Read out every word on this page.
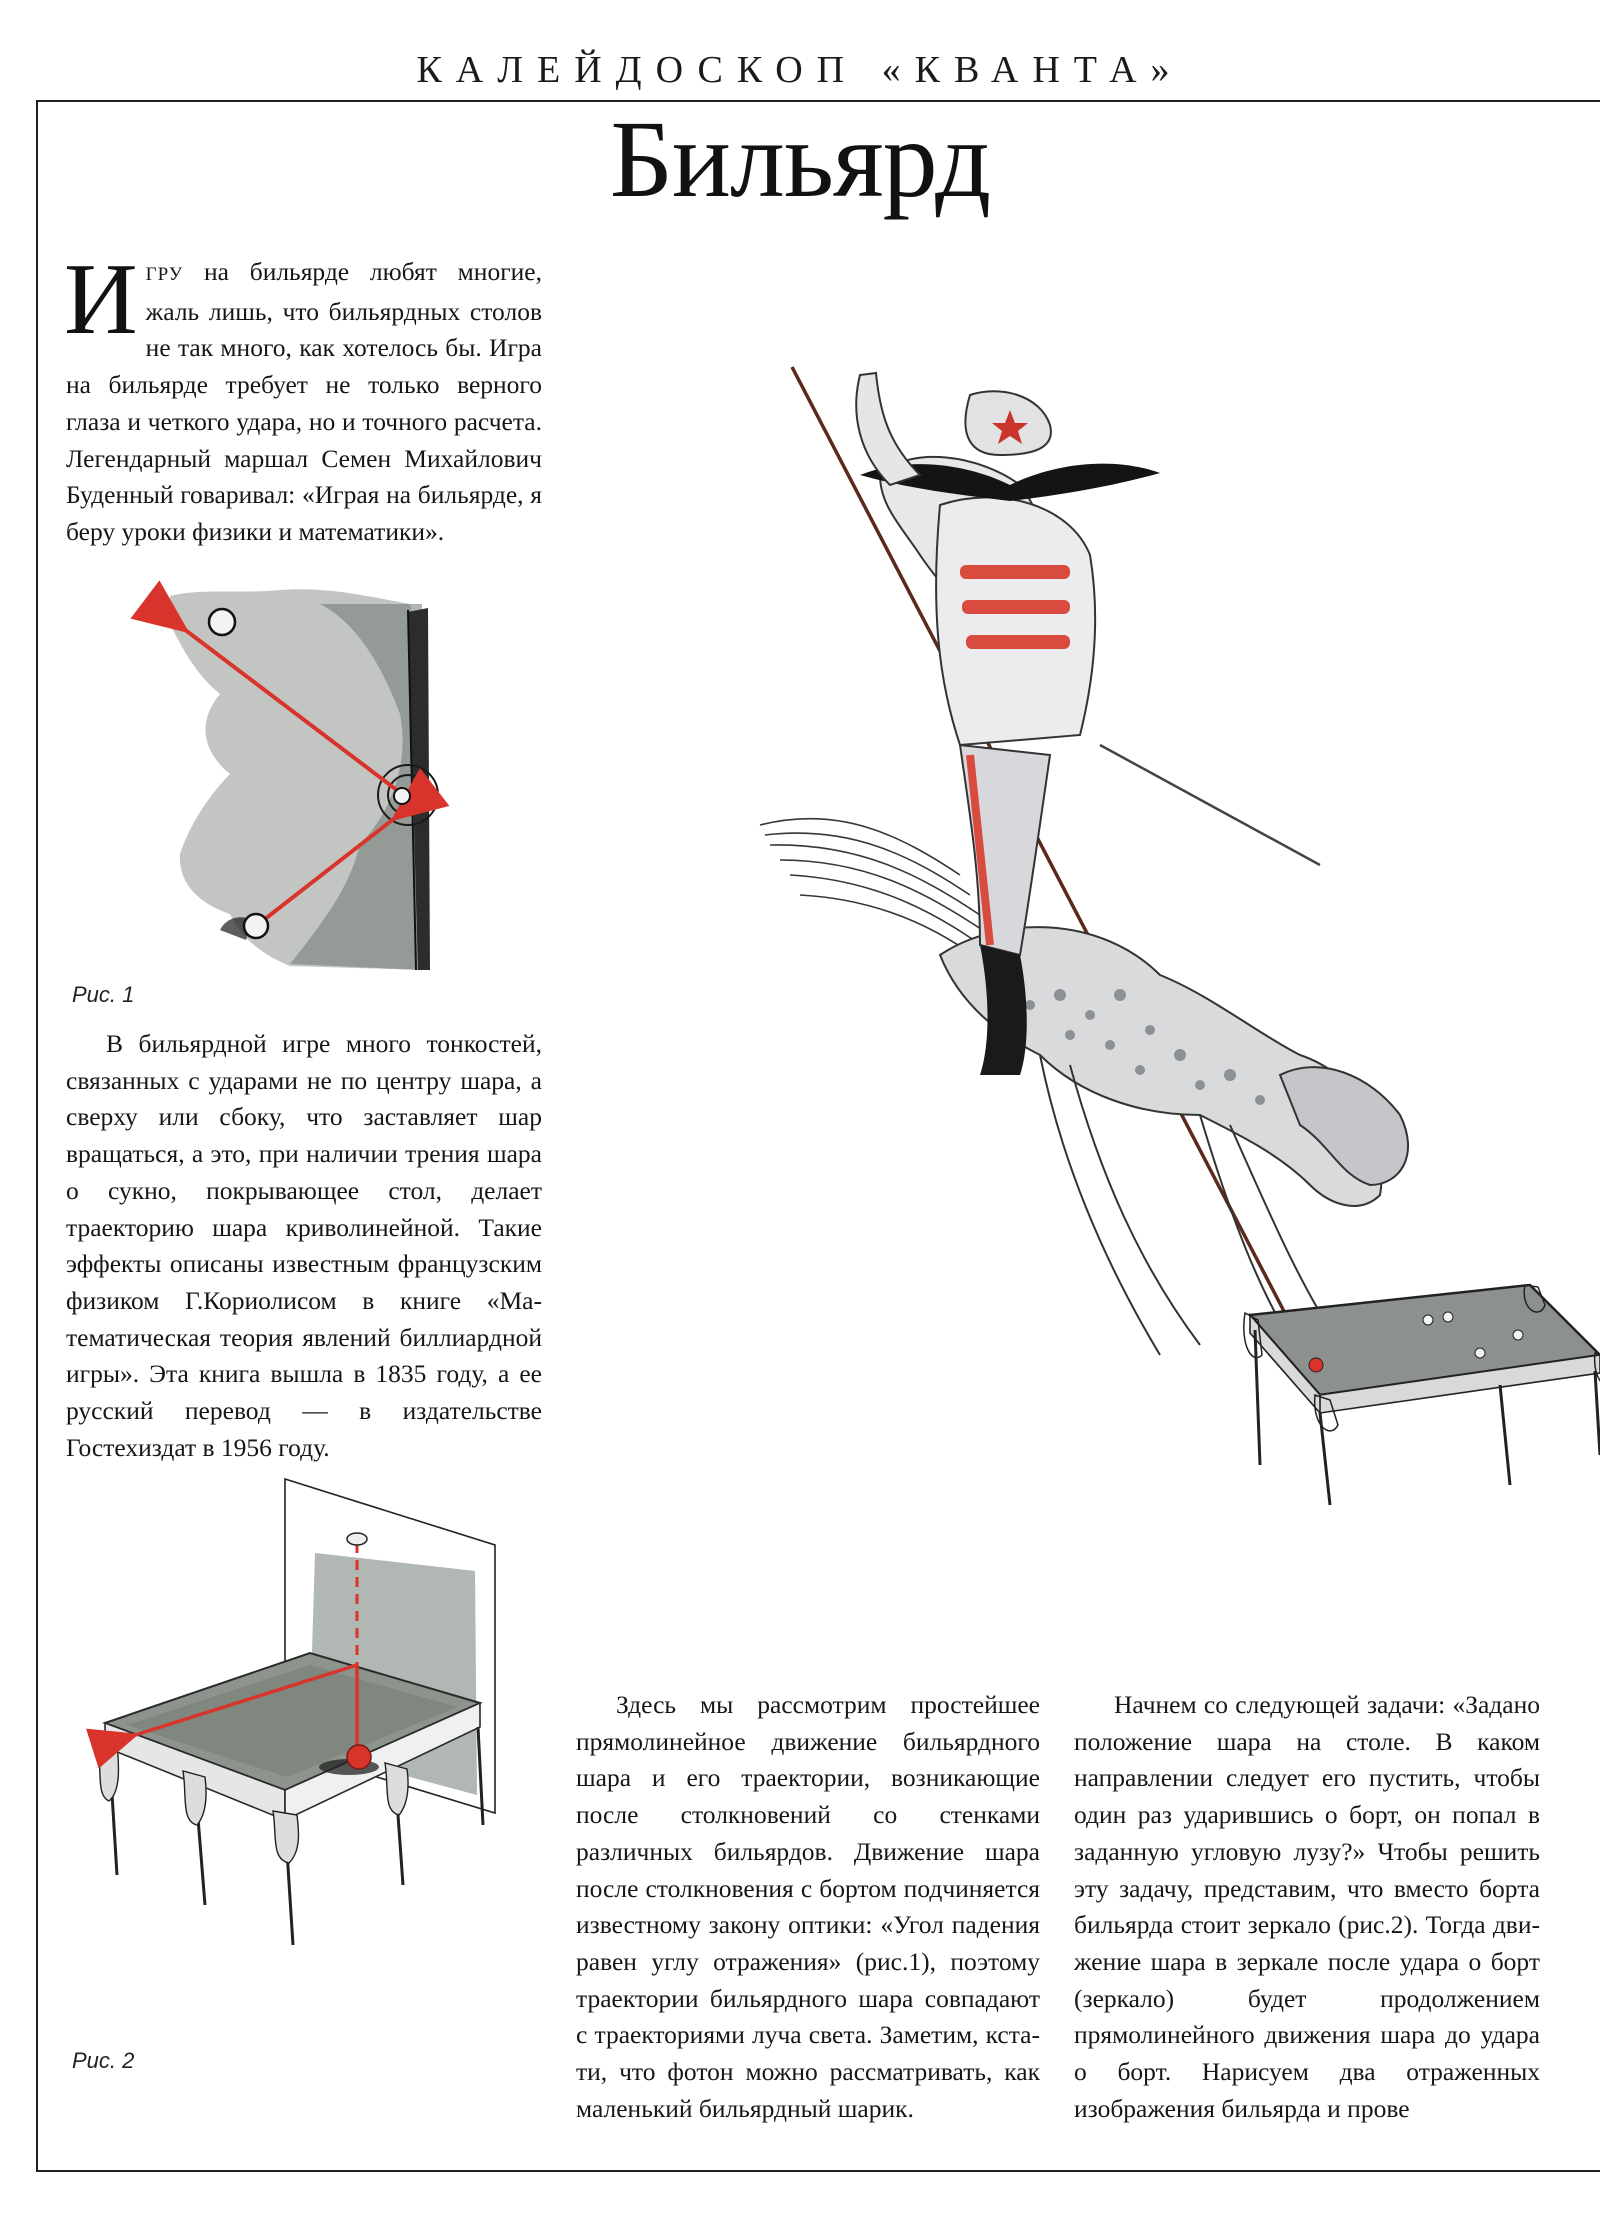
КАЛЕЙДОСКОП «КВАНТА»
Бильярд
ИГРУ на бильярде любят многие, жаль лишь, что бильярдных столов не так много, как хотелось бы. Игра на бильярде требует не только верного глаза и четкого удара, но и точного расчета. Легендарный маршал Семен Михайлович Буденный говаривал: «Играя на бильярде, я беру уроки физики и математики».
Рис. 1
В бильярдной игре много тонкостей, связанных с ударами не по центру шара, а сверху или сбоку, что заставляет шар вращаться, а это, при наличии трения шара о сукно, покрывающее стол, делает траекторию шара криволинейной. Такие эффекты описаны известным французским физиком Г.Кориолисом в книге «Математическая теория явлений биллиардной игры». Эта книга вышла в 1835 году, а ее русский перевод — в издательстве Гостехиздат в 1956 году.
Рис. 2
Здесь мы рассмотрим простейшее прямолинейное движение бильярдного шара и его траектории, возникающие после столкновений со стенками различных бильярдов. Движение шара после столкновения с бортом подчиняется известному закону оптики: «Угол падения равен углу отражения» (рис.1), поэтому траектории бильярдного шара совпадают с траекториями луча света. Заметим, кстати, что фотон можно рассматривать, как маленький бильярдный шарик.
Начнем со следующей задачи: «Задано положение шара на столе. В каком направлении следует его пустить, чтобы один раз ударившись о борт, он попал в заданную угловую лузу?» Чтобы решить эту задачу, представим, что вместо борта бильярда стоит зеркало (рис.2). Тогда движение шара в зеркале после удара о борт (зеркало) будет продолжением прямолинейного движения шара до удара о борт. Нарисуем два отраженных изображения бильярда и прове
